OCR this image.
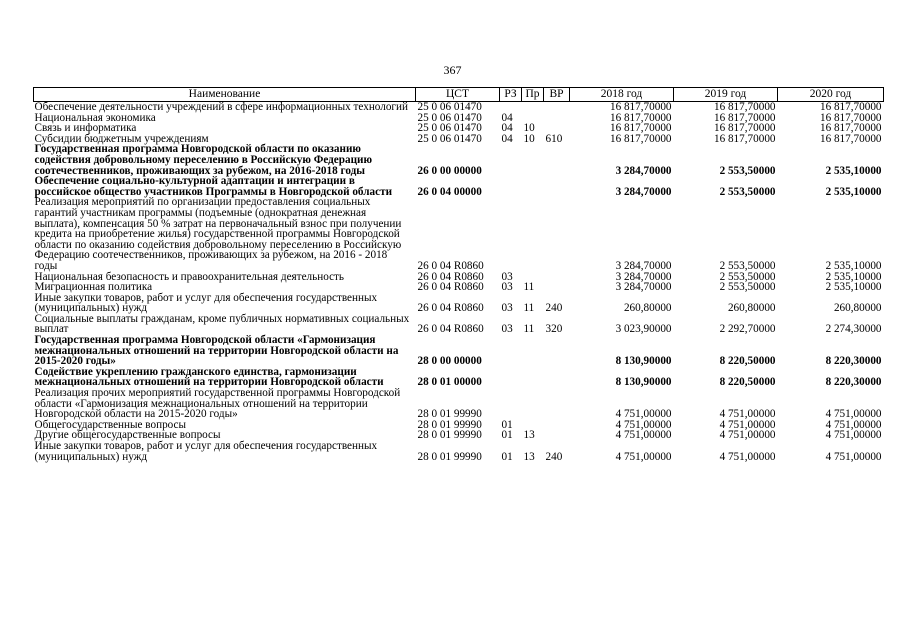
367
Наименование	ЦСТ	РЗ	Пр	ВР	2018 год	2019 год	2020 год
Обеспечение деятельности учреждений в сфере информационных технологий	25 0 06 01470				16 817,70000	16 817,70000	16 817,70000
Национальная экономика	25 0 06 01470	04			16 817,70000	16 817,70000	16 817,70000
Связь и информатика	25 0 06 01470	04	10		16 817,70000	16 817,70000	16 817,70000
Субсидии бюджетным учреждениям	25 0 06 01470	04	10	610	16 817,70000	16 817,70000	16 817,70000
Государственная программа Новгородской области по оказанию содействия добровольному переселению в Российскую Федерацию соотечественников, проживающих за рубежом, на 2016-2018 годы	26 0 00 00000				3 284,70000	2 553,50000	2 535,10000
Обеспечение социально-культурной адаптации и интеграции в российское общество участников Программы в Новгородской области	26 0 04 00000				3 284,70000	2 553,50000	2 535,10000
Реализация мероприятий по организации предоставления социальных гарантий участникам программы (подъемные (однократная денежная выплата), компенсация 50 % затрат на первоначальный взнос при получении кредита на приобретение жилья) государственной программы Новгородской области по оказанию содействия добровольному переселению в Российскую Федерацию соотечественников, проживающих за рубежом, на 2016 - 2018 годы	26 0 04 R0860				3 284,70000	2 553,50000	2 535,10000
Национальная безопасность и правоохранительная деятельность	26 0 04 R0860	03			3 284,70000	2 553,50000	2 535,10000
Миграционная политика	26 0 04 R0860	03	11		3 284,70000	2 553,50000	2 535,10000
Иные закупки товаров, работ и услуг для обеспечения государственных (муниципальных) нужд	26 0 04 R0860	03	11	240	260,80000	260,80000	260,80000
Социальные выплаты гражданам, кроме публичных нормативных социальных выплат	26 0 04 R0860	03	11	320	3 023,90000	2 292,70000	2 274,30000
Государственная программа Новгородской области «Гармонизация межнациональных отношений на территории Новгородской области на 2015-2020 годы»	28 0 00 00000				8 130,90000	8 220,50000	8 220,30000
Содействие укреплению гражданского единства, гармонизации межнациональных отношений на территории Новгородской области	28 0 01 00000				8 130,90000	8 220,50000	8 220,30000
Реализация прочих мероприятий государственной программы Новгородской области «Гармонизация межнациональных отношений на территории Новгородской области на 2015-2020 годы»	28 0 01 99990				4 751,00000	4 751,00000	4 751,00000
Общегосударственные вопросы	28 0 01 99990	01			4 751,00000	4 751,00000	4 751,00000
Другие общегосударственные вопросы	28 0 01 99990	01	13		4 751,00000	4 751,00000	4 751,00000
Иные закупки товаров, работ и услуг для обеспечения государственных (муниципальных) нужд	28 0 01 99990	01	13	240	4 751,00000	4 751,00000	4 751,00000
